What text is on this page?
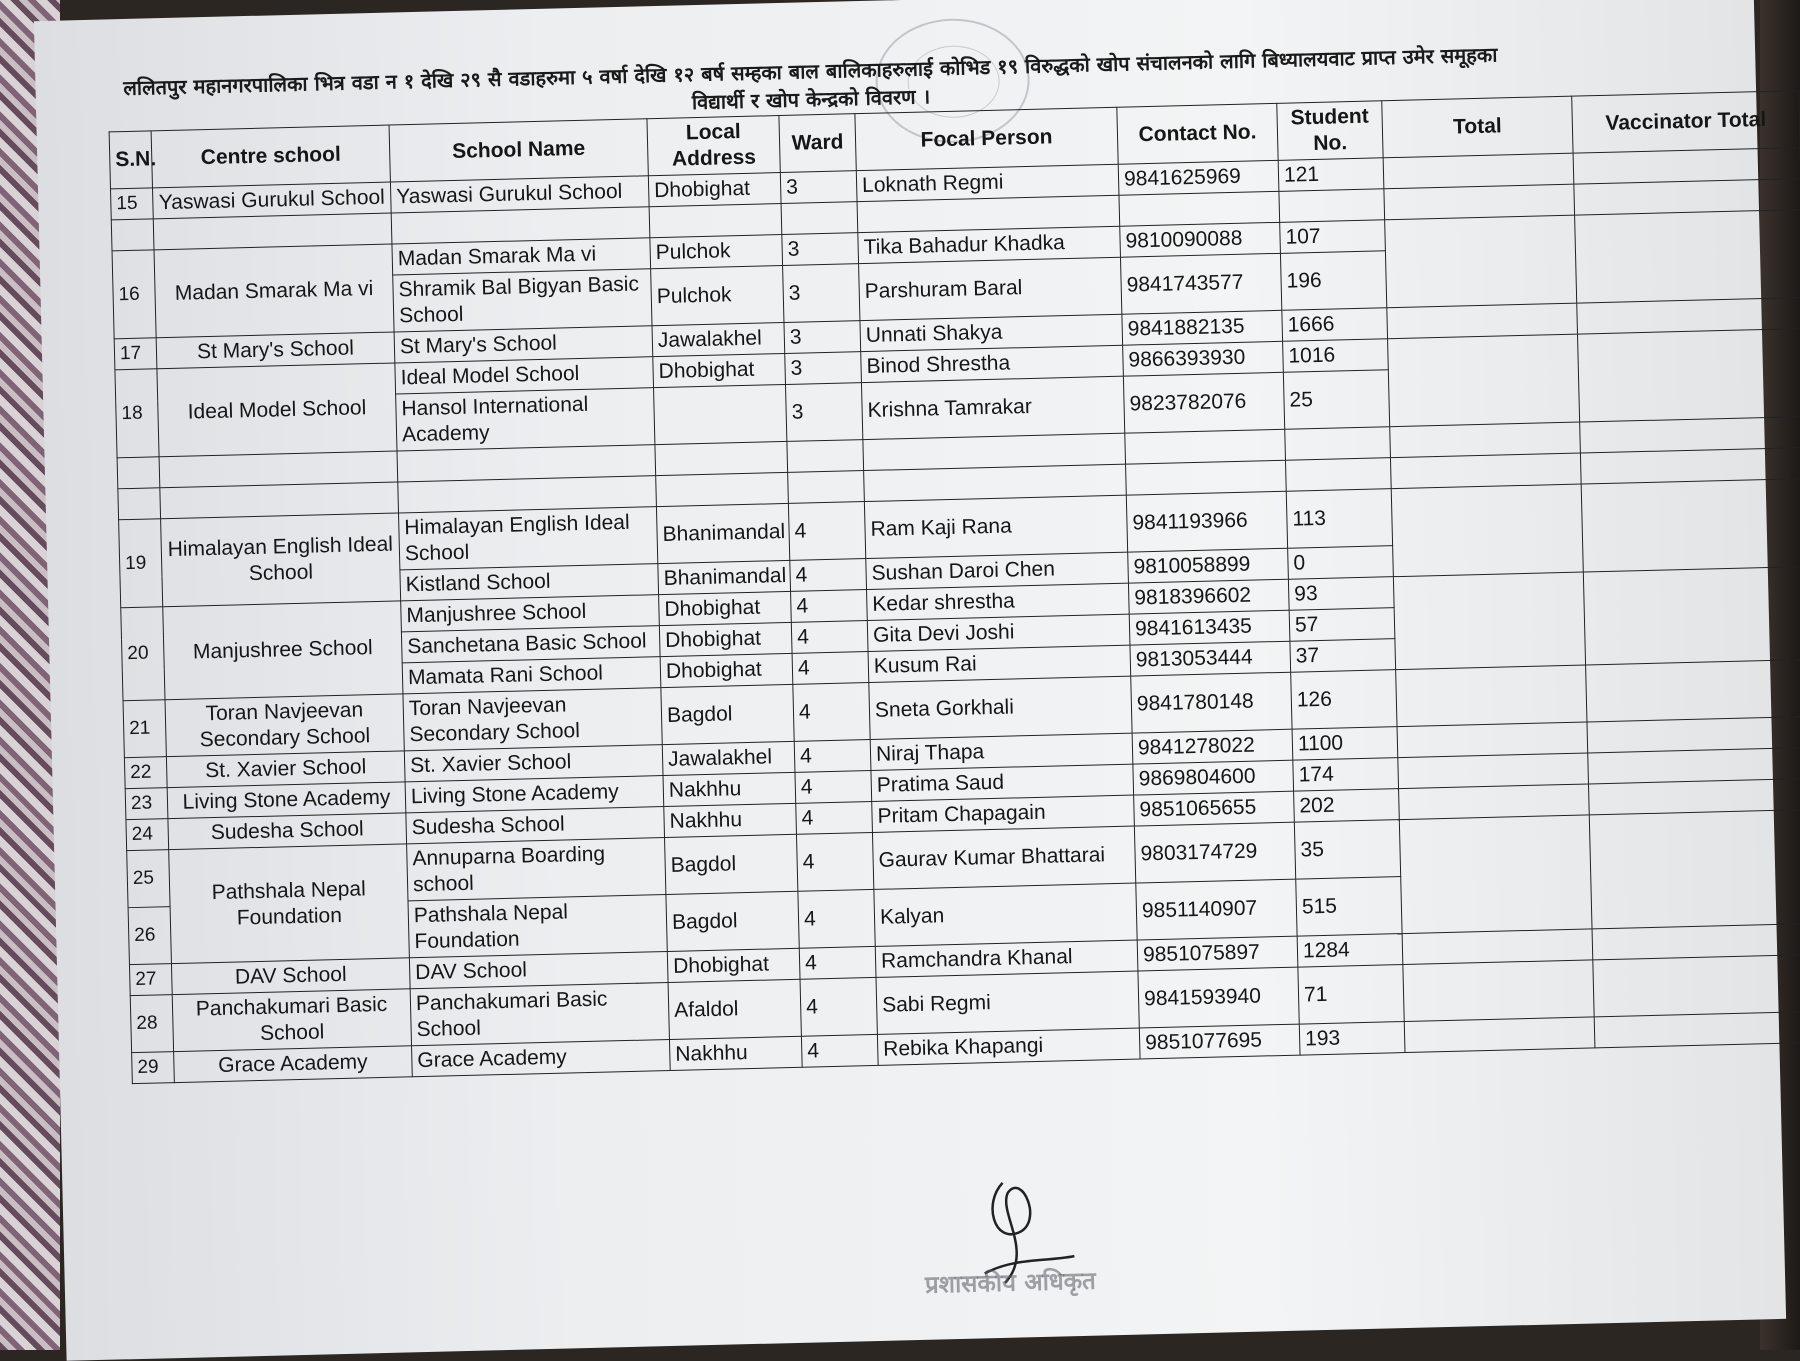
ललितपुर महानगरपालिका भित्र वडा न १ देखि २९ सै वडाहरुमा ५ वर्षा देखि १२ बर्ष सम्हका बाल बालिकाहरुलाई कोभिड १९ विरुद्धको खोप संचालनको लागि बिध्यालयवाट प्राप्त उमेर समूहका विद्यार्थी र खोप केन्द्रको विवरण ।
S.N.	Centre school	School Name	Local Address	Ward	Focal Person	Contact No.	Student No.	Total	Vaccinator Total
15	Yaswasi Gurukul School	Yaswasi Gurukul School	Dhobighat	3	Loknath Regmi	9841625969	121		

16	Madan Smarak Ma vi	Madan Smarak Ma vi	Pulchok	3	Tika Bahadur Khadka	9810090088	107		
		Shramik Bal Bigyan Basic School	Pulchok	3	Parshuram Baral	9841743577	196		
17	St Mary's School	St Mary's School	Jawalakhel	3	Unnati Shakya	9841882135	1666		
18	Ideal Model School	Ideal Model School	Dhobighat	3	Binod Shrestha	9866393930	1016		
		Hansol International Academy		3	Krishna Tamrakar	9823782076	25		

19	Himalayan English Ideal School	Himalayan English Ideal School	Bhanimandal	4	Ram Kaji Rana	9841193966	113		
		Kistland School	Bhanimandal	4	Sushan Daroi Chen	9810058899	0		
20	Manjushree School	Manjushree School	Dhobighat	4	Kedar shrestha	9818396602	93		
		Sanchetana Basic School	Dhobighat	4	Gita Devi Joshi	9841613435	57		
		Mamata Rani School	Dhobighat	4	Kusum Rai	9813053444	37		
21	Toran Navjeevan Secondary School	Toran Navjeevan Secondary School	Bagdol	4	Sneta Gorkhali	9841780148	126		
22	St. Xavier School	St. Xavier School	Jawalakhel	4	Niraj Thapa	9841278022	1100		
23	Living Stone Academy	Living Stone Academy	Nakhhu	4	Pratima Saud	9869804600	174		
24	Sudesha School	Sudesha School	Nakhhu	4	Pritam Chapagain	9851065655	202		
25	Pathshala Nepal Foundation	Annuparna Boarding school	Bagdol	4	Gaurav Kumar Bhattarai	9803174729	35		
26		Pathshala Nepal Foundation	Bagdol	4	Kalyan	9851140907	515		
27	DAV School	DAV School	Dhobighat	4	Ramchandra Khanal	9851075897	1284		
28	Panchakumari Basic School	Panchakumari Basic School	Afaldol	4	Sabi Regmi	9841593940	71		
29	Grace Academy	Grace Academy	Nakhhu	4	Rebika Khapangi	9851077695	193		
प्रशासकीय अधिकृत
